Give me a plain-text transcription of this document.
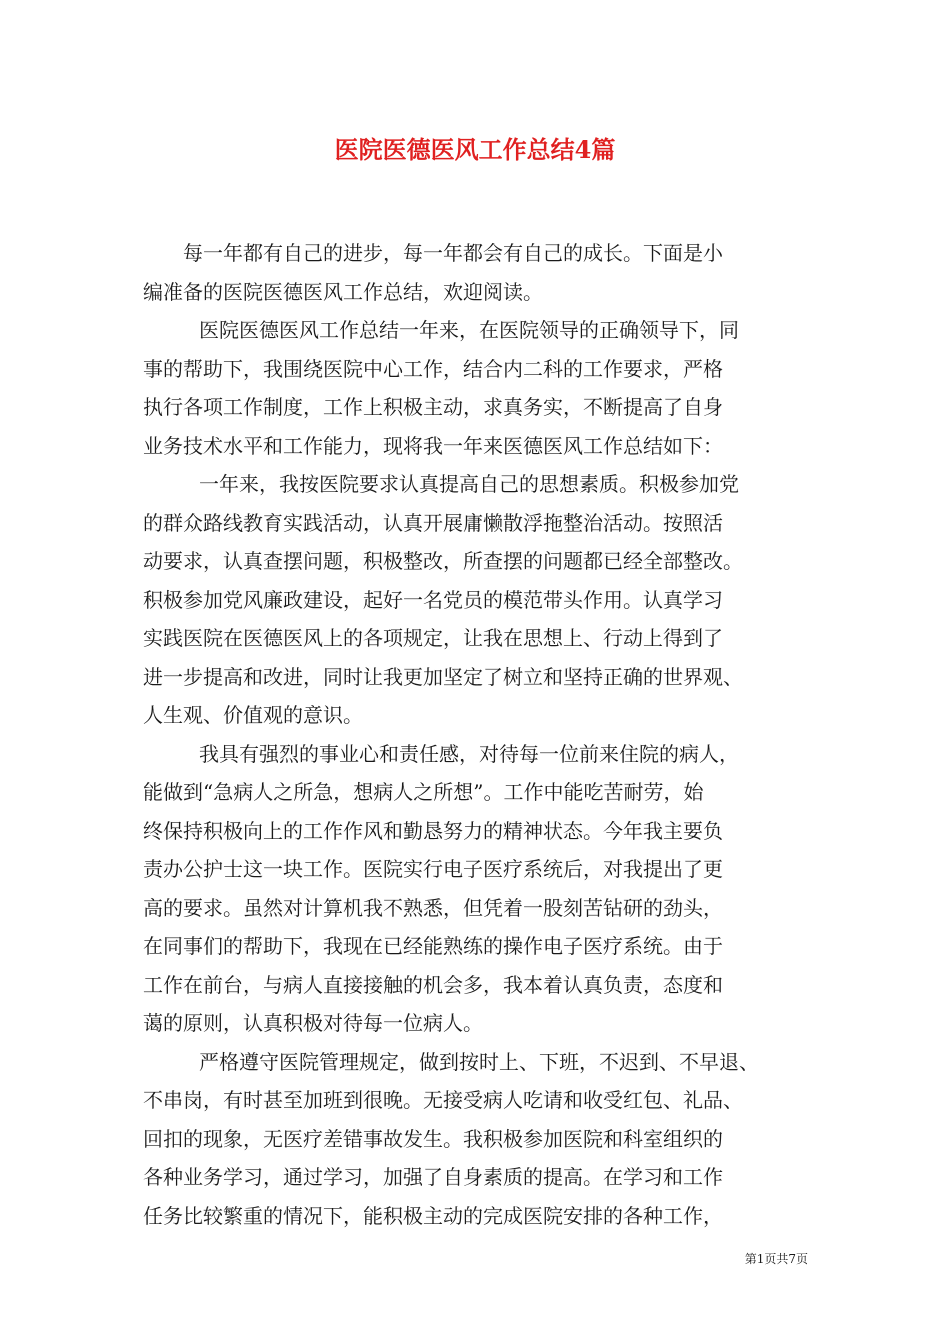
医院医德医风工作总结4篇
每一年都有自己的进步，每一年都会有自己的成长。下面是小
编准备的医院医德医风工作总结，欢迎阅读。
医院医德医风工作总结一年来，在医院领导的正确领导下，同
事的帮助下，我围绕医院中心工作，结合内二科的工作要求，严格
执行各项工作制度，工作上积极主动，求真务实，不断提高了自身
业务技术水平和工作能力，现将我一年来医德医风工作总结如下：
一年来，我按医院要求认真提高自己的思想素质。积极参加党
的群众路线教育实践活动，认真开展庸懒散浮拖整治活动。按照活
动要求，认真查摆问题，积极整改，所查摆的问题都已经全部整改。
积极参加党风廉政建设，起好一名党员的模范带头作用。认真学习
实践医院在医德医风上的各项规定，让我在思想上、行动上得到了
进一步提高和改进，同时让我更加坚定了树立和坚持正确的世界观、
人生观、价值观的意识。
我具有强烈的事业心和责任感，对待每一位前来住院的病人，
能做到“急病人之所急，想病人之所想”。工作中能吃苦耐劳，始
终保持积极向上的工作作风和勤恳努力的精神状态。今年我主要负
责办公护士这一块工作。医院实行电子医疗系统后，对我提出了更
高的要求。虽然对计算机我不熟悉，但凭着一股刻苦钻研的劲头，
在同事们的帮助下，我现在已经能熟练的操作电子医疗系统。由于
工作在前台，与病人直接接触的机会多，我本着认真负责，态度和
蔼的原则，认真积极对待每一位病人。
严格遵守医院管理规定，做到按时上、下班，不迟到、不早退、
不串岗，有时甚至加班到很晚。无接受病人吃请和收受红包、礼品、
回扣的现象，无医疗差错事故发生。我积极参加医院和科室组织的
各种业务学习，通过学习，加强了自身素质的提高。在学习和工作
任务比较繁重的情况下，能积极主动的完成医院安排的各种工作，
第1页共7页
